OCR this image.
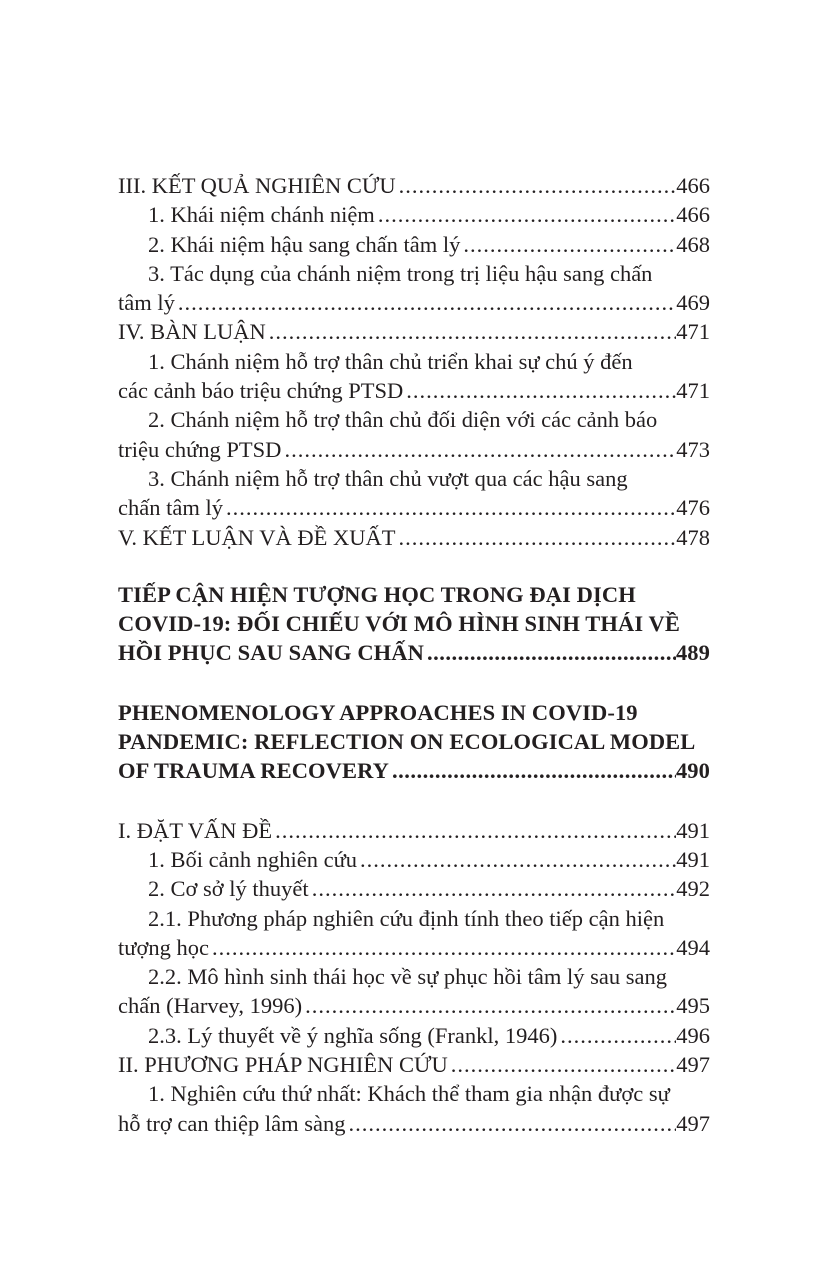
III. KẾT QUẢ NGHIÊN CỨU .....	466
1. Khái niệm chánh niệm .....	466
2. Khái niệm hậu sang chấn tâm lý .....	468
3. Tác dụng của chánh niệm trong trị liệu hậu sang chấn
tâm lý .....	469
IV. BÀN LUẬN .....	471
1. Chánh niệm hỗ trợ thân chủ triển khai sự chú ý đến
các cảnh báo triệu chứng PTSD .....	471
2. Chánh niệm hỗ trợ thân chủ đối diện với các cảnh báo
triệu chứng PTSD .....	473
3. Chánh niệm hỗ trợ thân chủ vượt qua các hậu sang
chấn tâm lý .....	476
V. KẾT LUẬN VÀ ĐỀ XUẤT .....	478
TIẾP CẬN HIỆN TƯỢNG HỌC TRONG ĐẠI DỊCH
COVID-19: ĐỐI CHIẾU VỚI MÔ HÌNH SINH THÁI VỀ
HỒI PHỤC SAU SANG CHẤN .....	489
PHENOMENOLOGY APPROACHES IN COVID-19
PANDEMIC: REFLECTION ON ECOLOGICAL MODEL
OF TRAUMA RECOVERY .....	490
I. ĐẶT VẤN ĐỀ .....	491
1. Bối cảnh nghiên cứu .....	491
2. Cơ sở lý thuyết .....	492
2.1. Phương pháp nghiên cứu định tính theo tiếp cận hiện
tượng học .....	494
2.2. Mô hình sinh thái học về sự phục hồi tâm lý sau sang
chấn (Harvey, 1996) .....	495
2.3. Lý thuyết về ý nghĩa sống (Frankl, 1946) .....	496
II. PHƯƠNG PHÁP NGHIÊN CỨU .....	497
1. Nghiên cứu thứ nhất: Khách thể tham gia nhận được sự
hỗ trợ can thiệp lâm sàng .....	497
